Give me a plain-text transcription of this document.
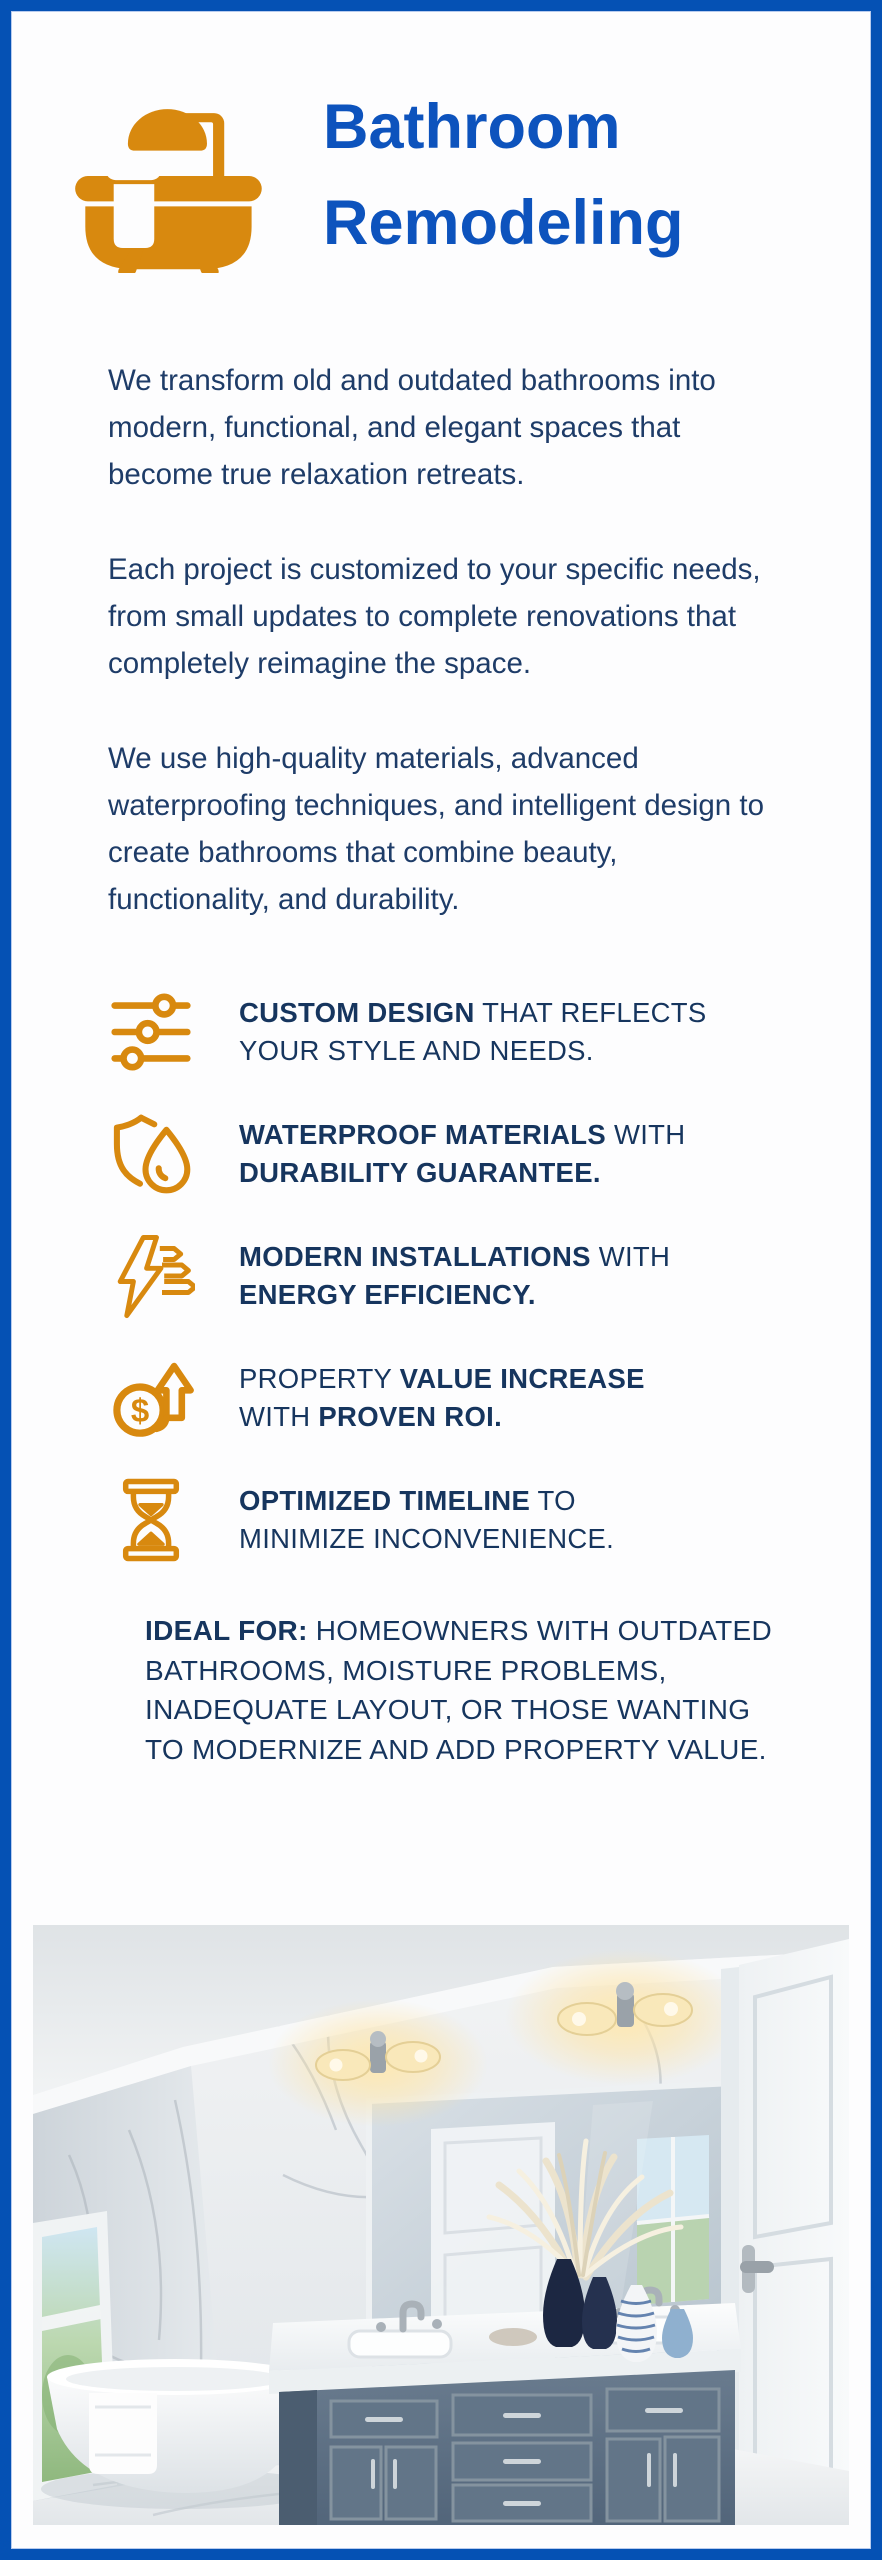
Bathroom
Remodeling

We transform old and outdated bathrooms into modern, functional, and elegant spaces that become true relaxation retreats.

Each project is customized to your specific needs, from small updates to complete renovations that completely reimagine the space.

We use high-quality materials, advanced waterproofing techniques, and intelligent design to create bathrooms that combine beauty, functionality, and durability.

CUSTOM DESIGN THAT REFLECTS
YOUR STYLE AND NEEDS.
WATERPROOF MATERIALS WITH
DURABILITY GUARANTEE.
MODERN INSTALLATIONS WITH
ENERGY EFFICIENCY.
$
PROPERTY VALUE INCREASE
WITH PROVEN ROI.
OPTIMIZED TIMELINE TO
MINIMIZE INCONVENIENCE.
IDEAL FOR: HOMEOWNERS WITH OUTDATED BATHROOMS, MOISTURE PROBLEMS, INADEQUATE LAYOUT, OR THOSE WANTING TO MODERNIZE AND ADD PROPERTY VALUE.
